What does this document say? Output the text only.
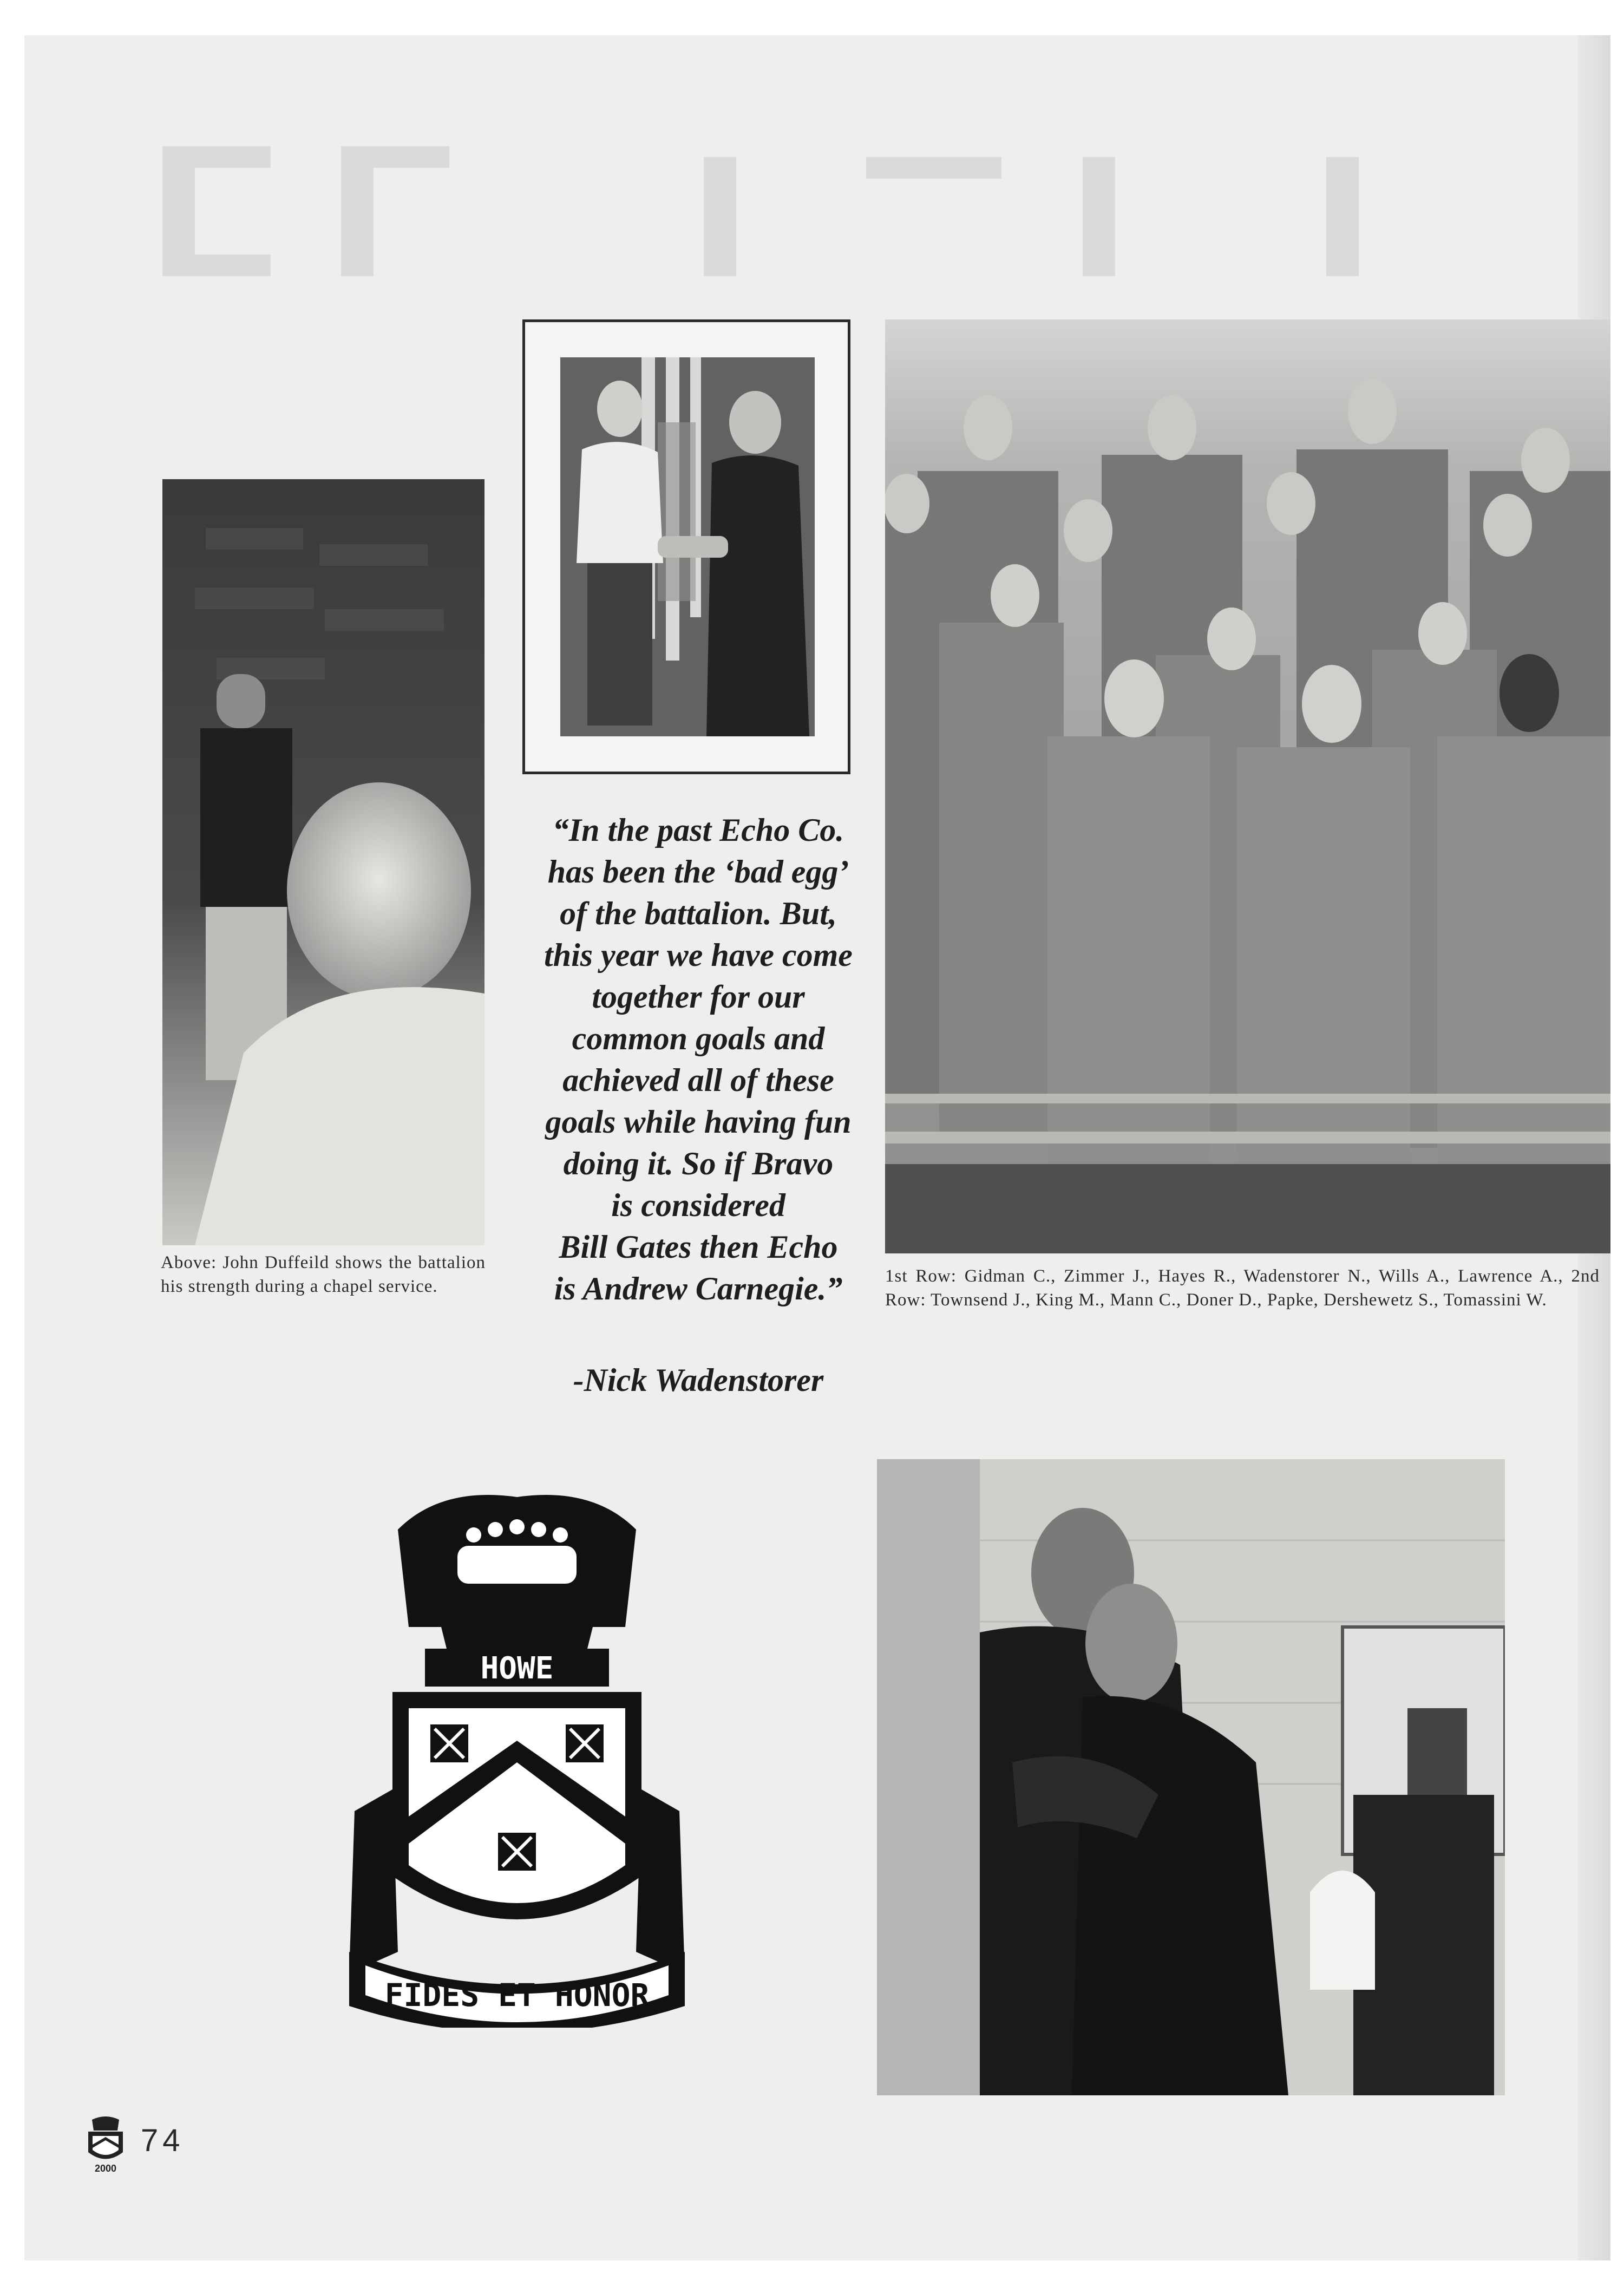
Above: John Duffeild shows the battalion his strength during a chapel service.
1st Row: Gidman C., Zimmer J., Hayes R., Wadenstorer N., Wills A., Lawrence A., 2nd Row: Townsend J., King M., Mann C., Doner D., Papke, Dershewetz S., Tomassini W.
“In the past Echo Co.
has been the ‘bad egg’
of the battalion. But,
this year we have come
together for our
common goals and
achieved all of these
goals while having fun
doing it. So if Bravo
is considered
Bill Gates then Echo
is Andrew Carnegie.”
-Nick Wadenstorer
HOWE
FIDES ET HONOR
2000
74
